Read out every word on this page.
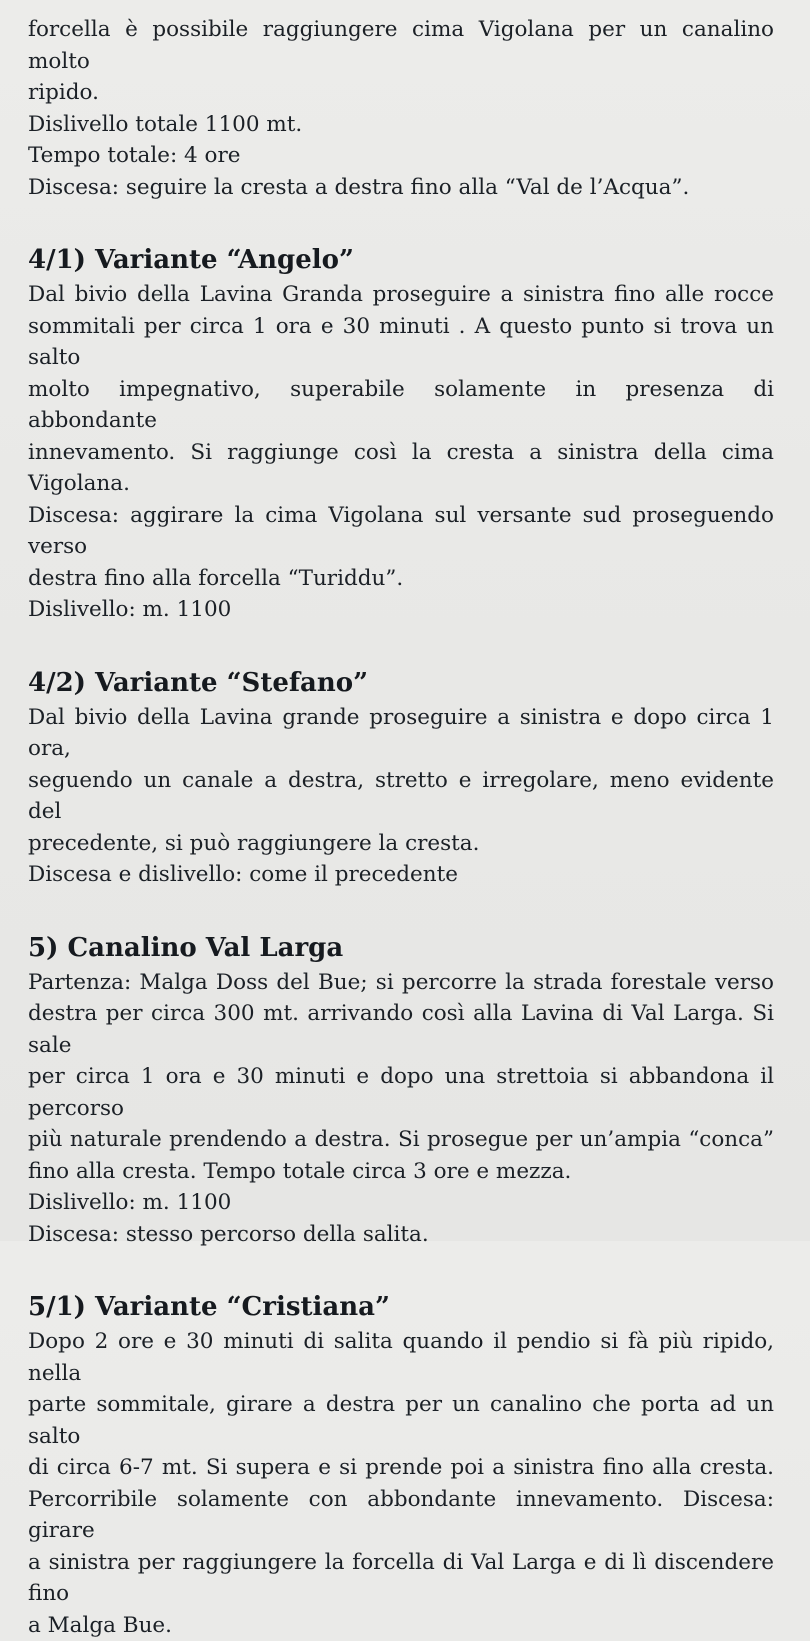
forcella è possibile raggiungere cima Vigolana per un canalino molto
ripido.
Dislivello totale 1100 mt.
Tempo totale: 4 ore
Discesa: seguire la cresta a destra fino alla “Val de l’Acqua”.
4/1) Variante “Angelo”
Dal bivio della Lavina Granda proseguire a sinistra fino alle rocce
sommitali per circa 1 ora e 30 minuti . A questo punto si trova un salto
molto impegnativo, superabile solamente in presenza di abbondante
innevamento. Si raggiunge così la cresta a sinistra della cima Vigolana.
Discesa: aggirare la cima Vigolana sul versante sud proseguendo verso
destra fino alla forcella “Turiddu”.
Dislivello: m. 1100
4/2) Variante “Stefano”
Dal bivio della Lavina grande proseguire a sinistra e dopo circa 1 ora,
seguendo un canale a destra, stretto e irregolare, meno evidente del
precedente, si può raggiungere la cresta.
Discesa e dislivello: come il precedente
5) Canalino Val Larga
Partenza: Malga Doss del Bue; si percorre la strada forestale verso
destra per circa 300 mt. arrivando così alla Lavina di Val Larga. Si sale
per circa 1 ora e 30 minuti e dopo una strettoia si abbandona il percorso
più naturale prendendo a destra. Si prosegue per un’ampia “conca”
fino alla cresta. Tempo totale circa 3 ore e mezza.
Dislivello: m. 1100
Discesa: stesso percorso della salita.
5/1) Variante “Cristiana”
Dopo 2 ore e 30 minuti di salita quando il pendio si fà più ripido, nella
parte sommitale, girare a destra per un canalino che porta ad un salto
di circa 6-7 mt. Si supera e si prende poi a sinistra fino alla cresta.
Percorribile solamente con abbondante innevamento. Discesa: girare
a sinistra per raggiungere la forcella di Val Larga e di lì discendere fino
a Malga Bue.
